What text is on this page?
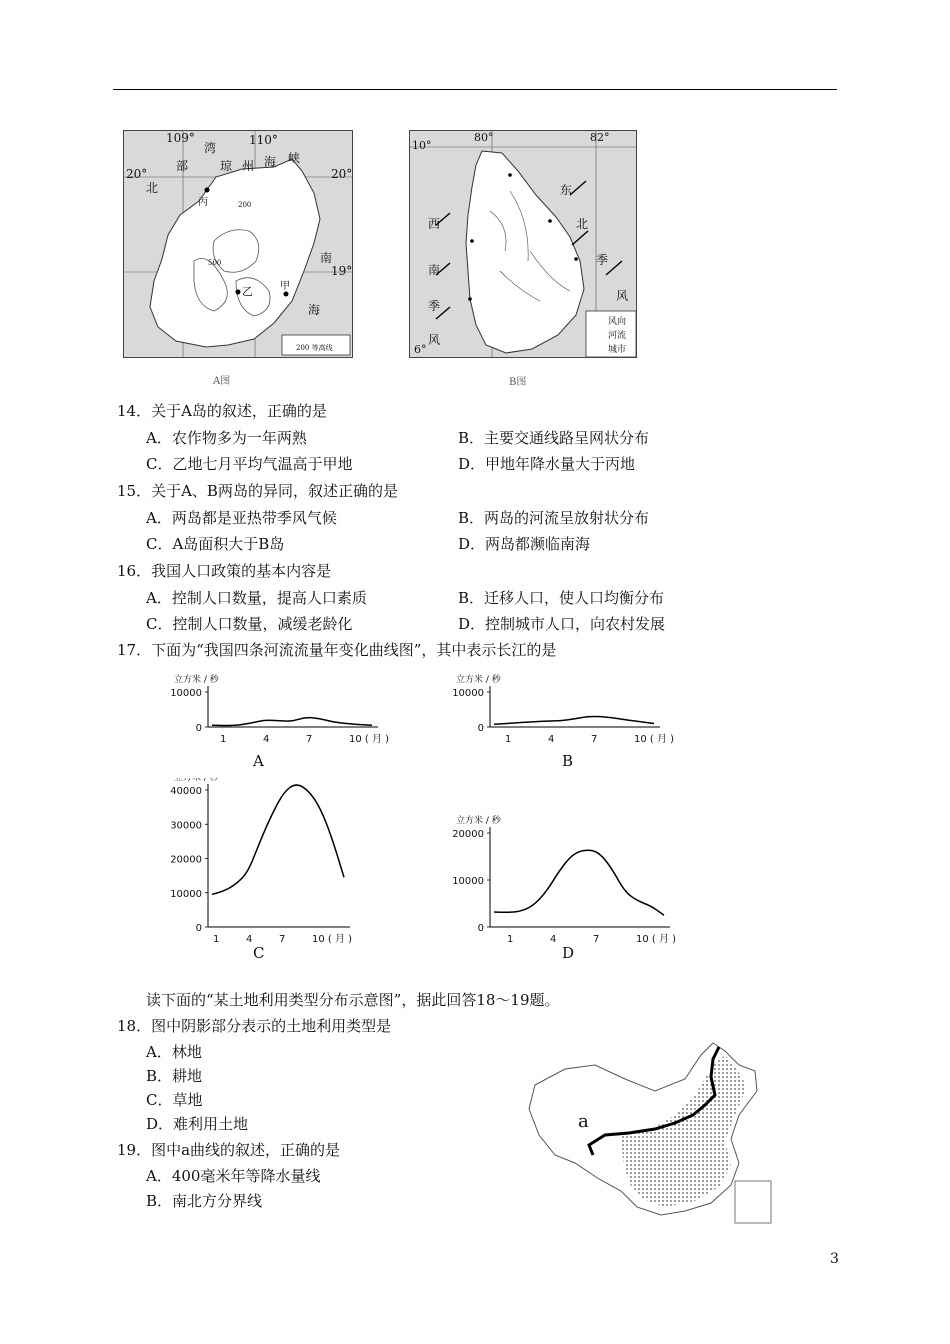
109°	110°
20°	20°
19°
湾
部
北
琼 州 海 峡
南
海
丙
乙	甲
200
500
200 等高线
A图
10°
80°	82°
6°
东
北
季
风
西
南
季
风
风向
河流
城市
B图
14．关于A岛的叙述，正确的是
A．农作物多为一年两熟	B．主要交通线路呈网状分布
C．乙地七月平均气温高于甲地	D．甲地年降水量大于丙地
15．关于A、B两岛的异同，叙述正确的是
A．两岛都是亚热带季风气候	B．两岛的河流呈放射状分布
C．A岛面积大于B岛	D．两岛都濒临南海
16．我国人口政策的基本内容是
A．控制人口数量，提高人口素质	B．迁移人口，使人口均衡分布
C．控制人口数量，减缓老龄化	D．控制城市人口，向农村发展
17．下面为“我国四条河流流量年变化曲线图”，其中表示长江的是
立方米 / 秒
10000
0
1	4	7	10 ( 月 )
A
立方米 / 秒
10000
0
1	4	7	10 ( 月 )
B
立方米 / 秒
40000
30000
20000
10000
0
1	4	7	10 ( 月 )
C
立方米 / 秒
20000
10000
0
1	4	7	10 ( 月 )
D
读下面的“某土地利用类型分布示意图”，据此回答18～19题。
18．图中阴影部分表示的土地利用类型是
A．林地
B．耕地
C．草地
D．难利用土地
19．图中a曲线的叙述，正确的是
A．400毫米年等降水量线
B．南北方分界线
a
3
